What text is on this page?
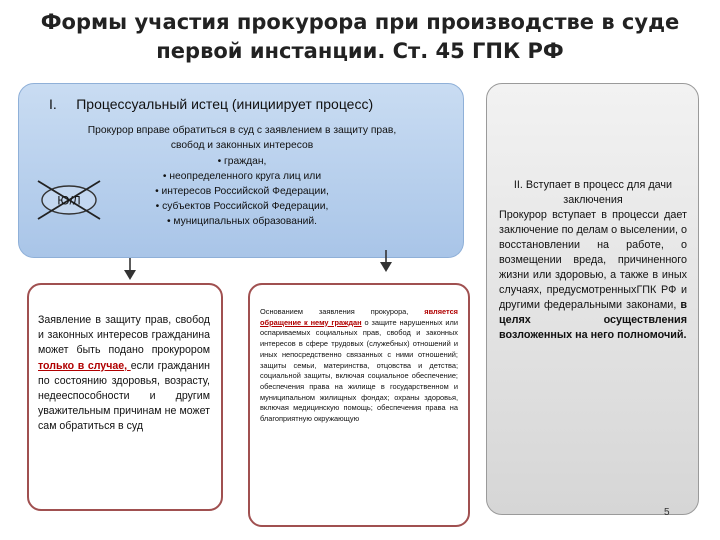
Формы участия прокурора при производстве в суде
первой инстанции. Ст. 45 ГПК РФ
I. Процессуальный истец (инициирует процесс)
Прокурор вправе обратиться в суд с заявлением в защиту прав,
свобод и законных интересов
• граждан,
• неопределенного круга лиц или
• интересов Российской Федерации,
• субъектов Российской Федерации,
• муниципальных образований.
Ю/Л
Заявление в защиту прав, свобод и законных интересов гражданина может быть подано прокурором только в случае, если гражданин по состоянию здоровья, возрасту, недееспособности и другим уважительным причинам не может сам обратиться в суд
Основанием заявления прокурора, является обращение к нему граждан о защите нарушенных или оспариваемых социальных прав, свобод и законных интересов в сфере трудовых (служебных) отношений и иных непосредственно связанных с ними отношений; защиты семьи, материнства, отцовства и детства; социальной защиты, включая социальное обеспечение; обеспечения права на жилище в государственном и муниципальном жилищных фондах; охраны здоровья, включая медицинскую помощь; обеспечения права на благоприятную окружающую
II. Вступает в процесс для дачи заключения
Прокурор вступает в процесси дает заключение по делам о выселении, о восстановлении на работе, о возмещении вреда, причиненного жизни или здоровью, а также в иных случаях, предусмотренныхГПК РФ и другими федеральными законами, в целях осуществления возложенных на него полномочий.
5
